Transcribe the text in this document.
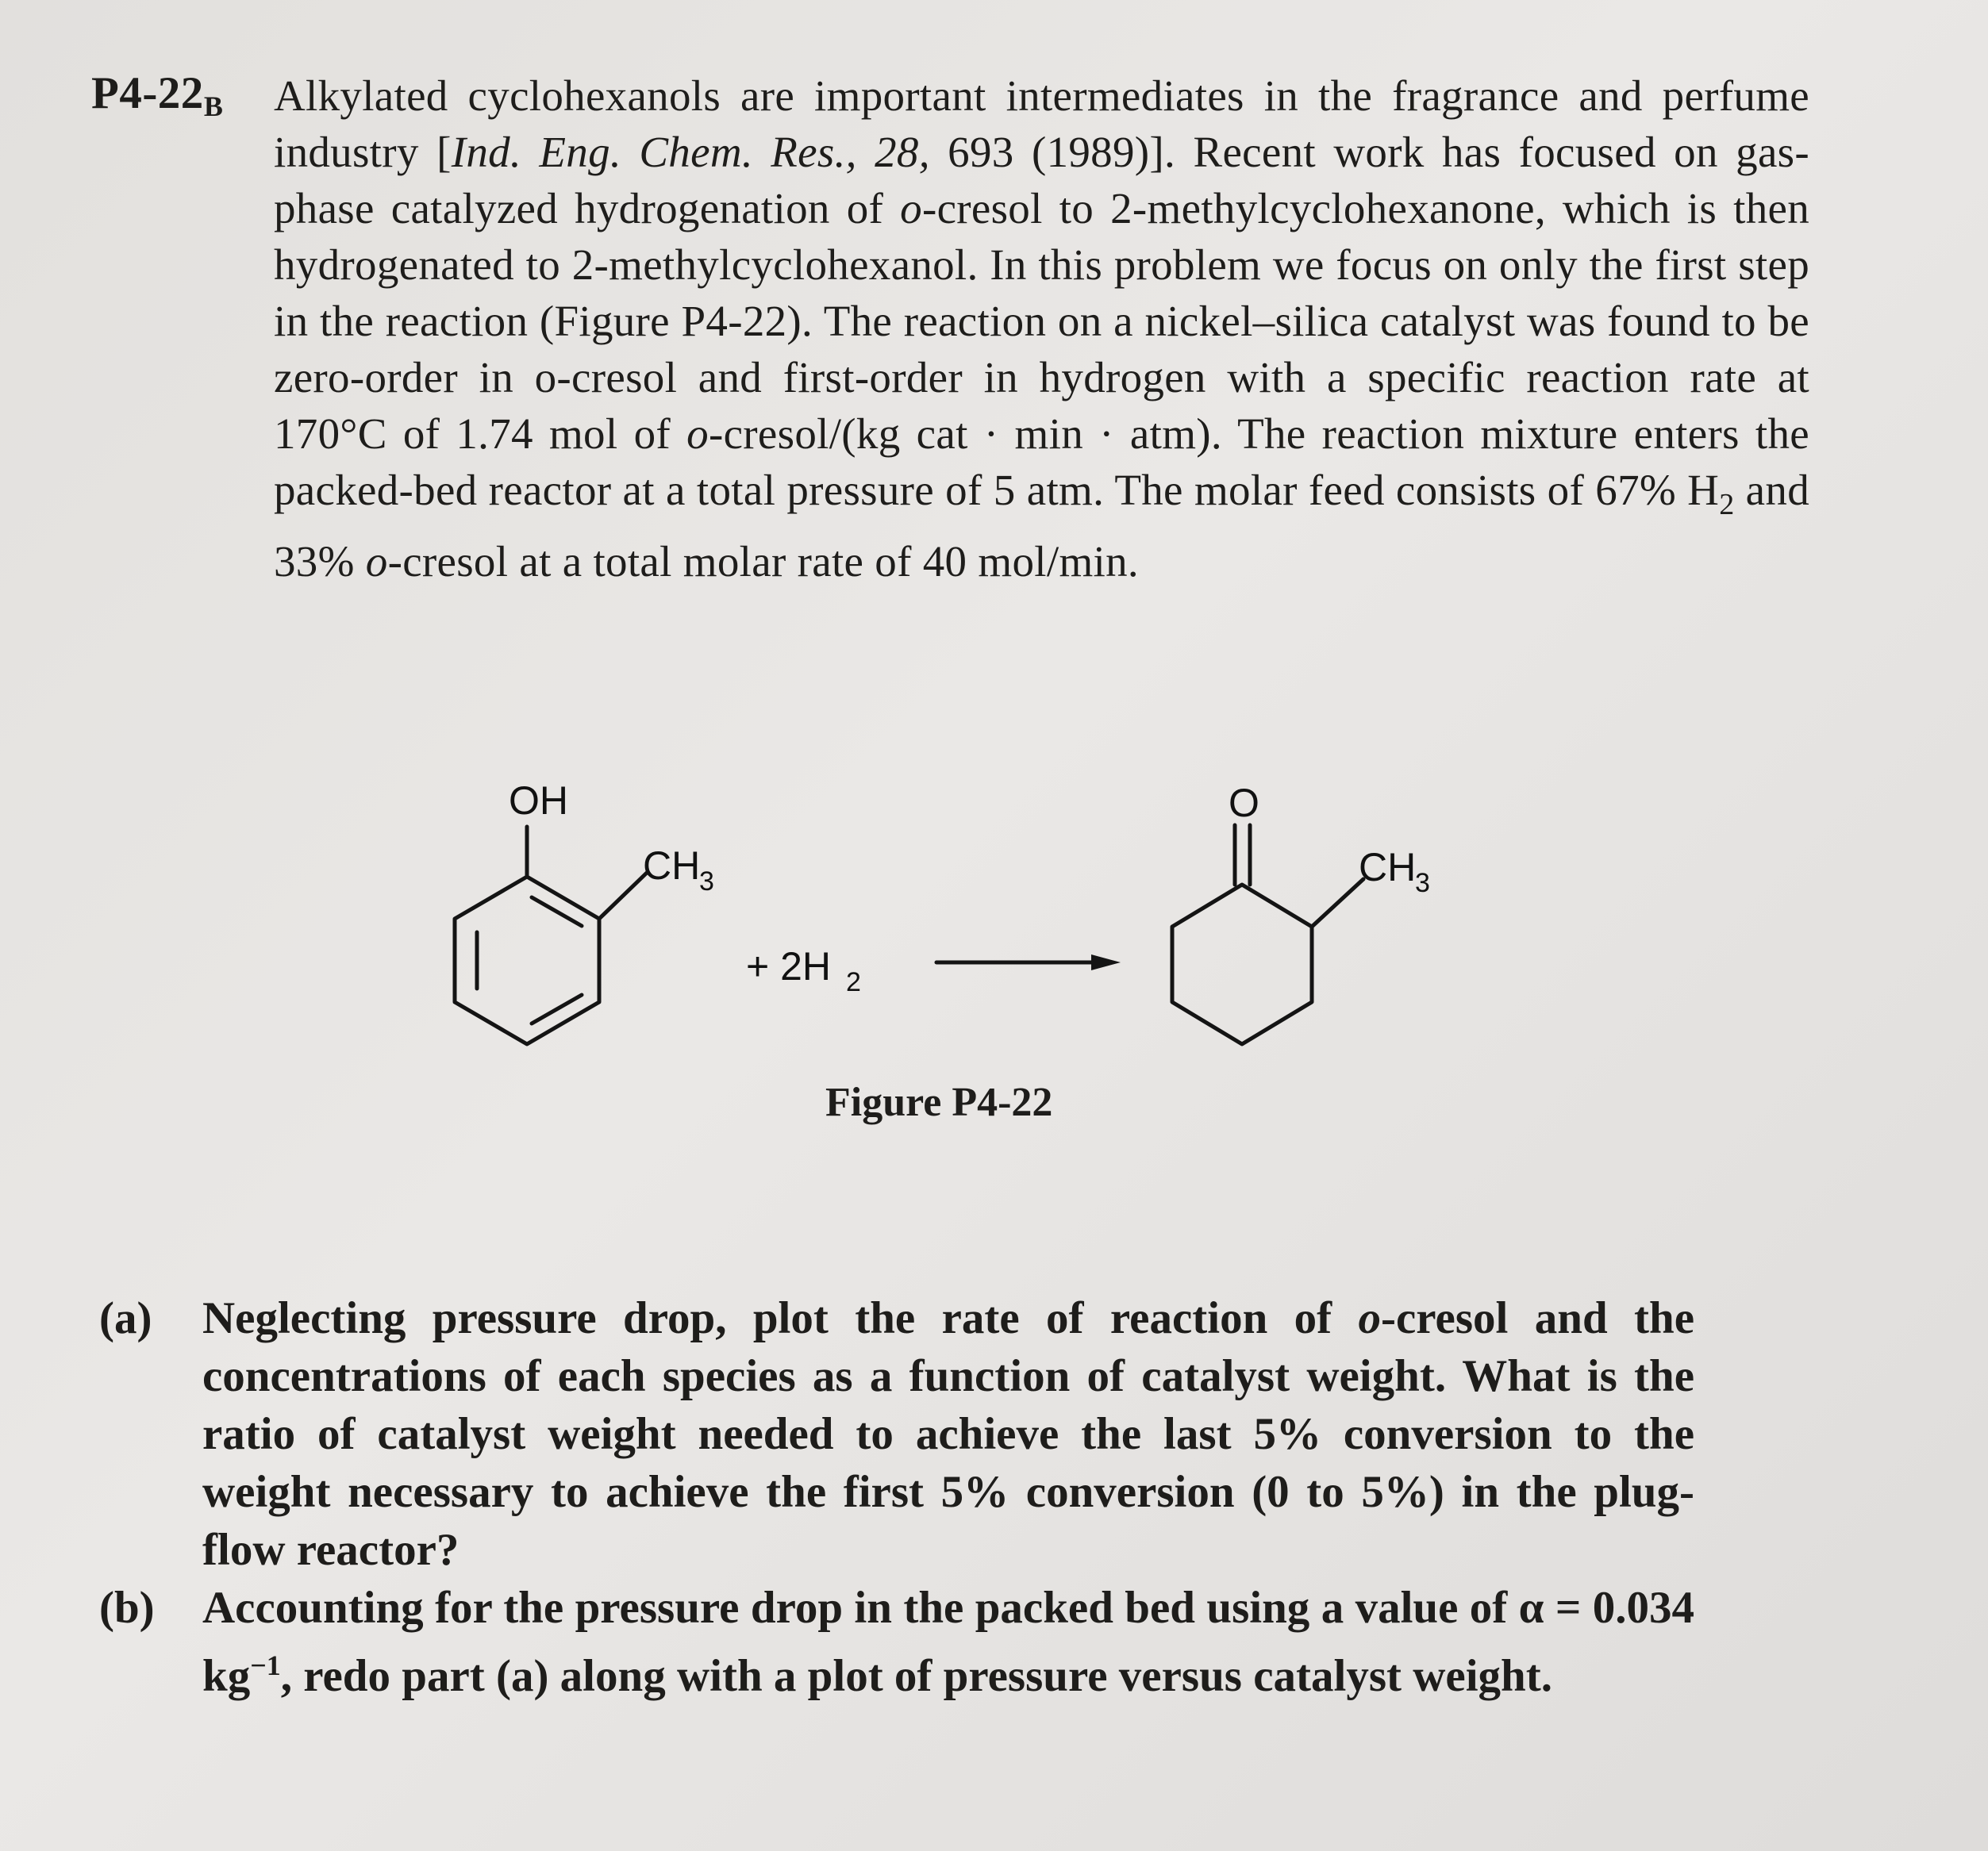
$P4-22_B$ Alkylated cyclohexanols are important intermediates in the fragrance and perfume industry [Ind. Eng. Chem. Res., 28, 693 (1989)]. Recent work has focused on gas-phase catalyzed hydrogenation of o-cresol to 2-methylcyclohexanone, which is then hydrogenated to 2-methylcyclohexanol. In this problem we focus on only the first step in the reaction (Figure P4-22). The reaction on a nickel–silica catalyst was found to be zero-order in o-cresol and first-order in hydrogen with a specific reaction rate at 170°C of 1.74 mol of o-cresol/(kg cat · min · atm). The reaction mixture enters the packed-bed reactor at a total pressure of 5 atm. The molar feed consists of 67% $H_2$ and 33% o-cresol at a total molar rate of 40 mol/min.
OH
CH
3
+ 2H 2
O
CH
3
Figure P4-22
(a)	Neglecting pressure drop, plot the rate of reaction of o-cresol and the concentrations of each species as a function of catalyst weight. What is the ratio of catalyst weight needed to achieve the last 5% conversion to the weight necessary to achieve the first 5% conversion (0 to 5%) in the plug-flow reactor?
(b)	Accounting for the pressure drop in the packed bed using a value of α = 0.034 $kg^{-1}$, redo part (a) along with a plot of pressure versus catalyst weight.
